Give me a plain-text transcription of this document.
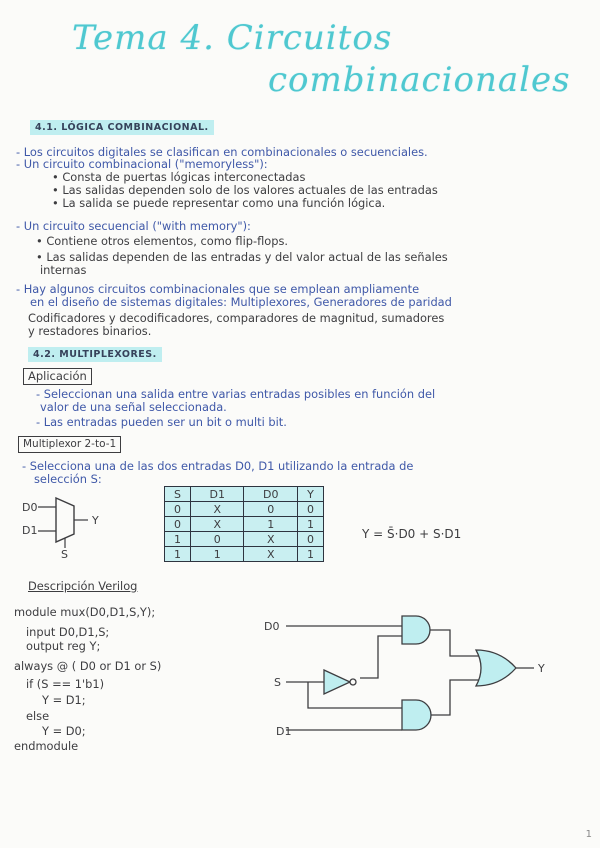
Tema 4. Circuitos
combinacionales
4.1. LÓGICA COMBINACIONAL.
- Los circuitos digitales se clasifican en combinacionales o secuenciales.
- Un circuito combinacional ("memoryless"):
• Consta de puertas lógicas interconectadas
• Las salidas dependen solo de los valores actuales de las entradas
• La salida se puede representar como una función lógica.
- Un circuito secuencial ("with memory"):
• Contiene otros elementos, como flip-flops.
• Las salidas dependen de las entradas y del valor actual de las señales
internas
- Hay algunos circuitos combinacionales que se emplean ampliamente
en el diseño de sistemas digitales: Multiplexores, Generadores de paridad
Codificadores y decodificadores, comparadores de magnitud, sumadores
y restadores binarios.
4.2. MULTIPLEXORES.
Aplicación
- Seleccionan una salida entre varias entradas posibles en función del
valor de una señal seleccionada.
- Las entradas pueden ser un bit o multi bit.
Multiplexor 2-to-1
- Selecciona una de las dos entradas D0, D1 utilizando la entrada de
selección S:
D0
D1
Y
S
S	D1	D0	Y
0	X	0	0
0	X	1	1
1	0	X	0
1	1	X	1
Y = S̄·D0 + S·D1
Descripción Verilog
module mux(D0,D1,S,Y);
input D0,D1,S;
output reg Y;
always @ ( D0 or D1 or S)
if (S == 1'b1)
Y = D1;
else
Y = D0;
endmodule
D0
S
D1
Y
1
